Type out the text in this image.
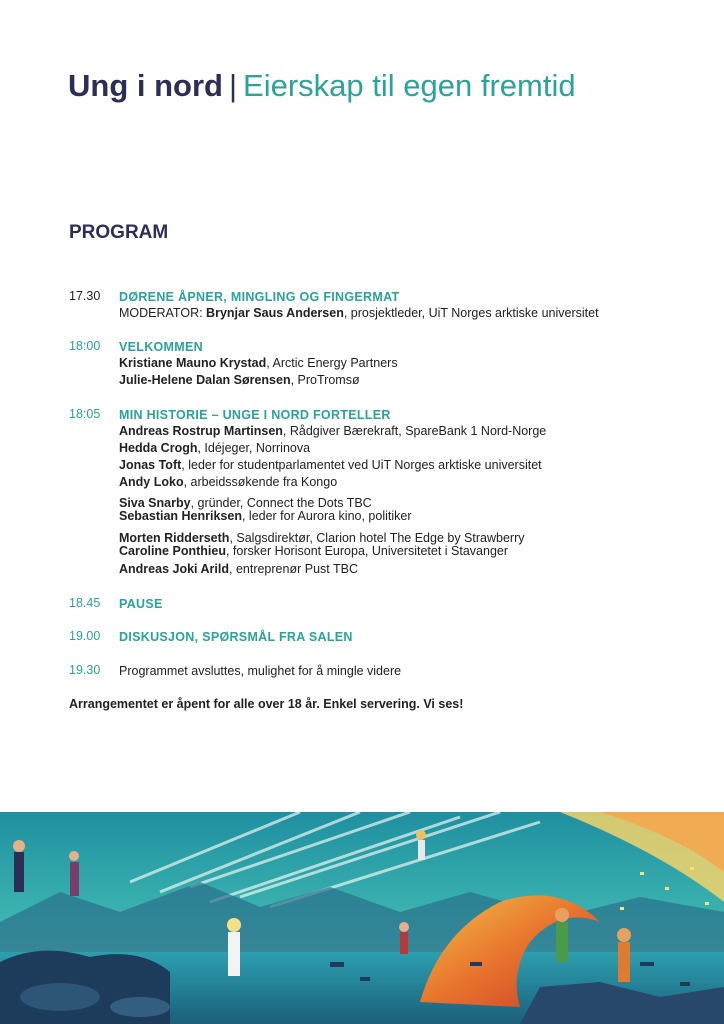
Ung i nord | Eierskap til egen fremtid
PROGRAM
17.30	DØRENE ÅPNER, MINGLING OG FINGERMAT
MODERATOR: Brynjar Saus Andersen, prosjektleder, UiT Norges arktiske universitet
18:00	VELKOMMEN
Kristiane Mauno Krystad, Arctic Energy Partners
Julie-Helene Dalan Sørensen, ProTromsø
18:05	MIN HISTORIE – UNGE I NORD FORTELLER
Andreas Rostrup Martinsen, Rådgiver Bærekraft, SpareBank 1 Nord-Norge
Hedda Crogh, Idéjeger, Norrinova
Jonas Toft, leder for studentparlamentet ved UiT Norges arktiske universitet
Andy Loko, arbeidssøkende fra Kongo
Siva Snarby, gründer, Connect the Dots TBC
Sebastian Henriksen, leder for Aurora kino, politiker
Morten Ridderseth, Salgsdirektør, Clarion hotel The Edge by Strawberry
Caroline Ponthieu, forsker Horisont Europa, Universitetet i Stavanger
Andreas Joki Arild, entreprenør Pust TBC
18.45	PAUSE
19.00	DISKUSJON, SPØRSMÅL FRA SALEN
19.30	Programmet avsluttes, mulighet for å mingle videre
Arrangementet er åpent for alle over 18 år. Enkel servering. Vi ses!
